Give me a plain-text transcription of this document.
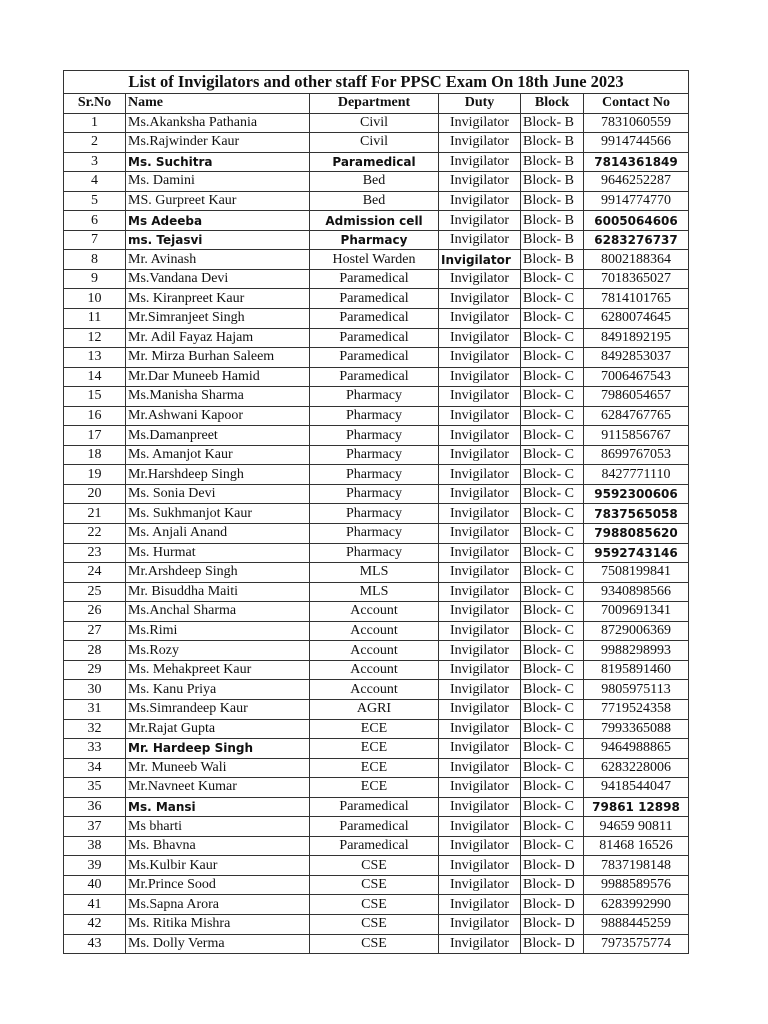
List of Invigilators and other staff For PPSC Exam On 18th June 2023					
Sr.No	Name	Department	Duty	Block	Contact No
1	Ms.Akanksha Pathania	Civil	Invigilator	Block- B	7831060559
2	Ms.Rajwinder Kaur	Civil	Invigilator	Block- B	9914744566
3	Ms. Suchitra	Paramedical	Invigilator	Block- B	7814361849
4	Ms. Damini	Bed	Invigilator	Block- B	9646252287
5	MS. Gurpreet Kaur	Bed	Invigilator	Block- B	9914774770
6	Ms Adeeba	Admission cell	Invigilator	Block- B	6005064606
7	ms. Tejasvi	Pharmacy	Invigilator	Block- B	6283276737
8	Mr. Avinash	Hostel Warden	Invigilator	Block- B	8002188364
9	Ms.Vandana Devi	Paramedical	Invigilator	Block- C	7018365027
10	Ms. Kiranpreet Kaur	Paramedical	Invigilator	Block- C	7814101765
11	Mr.Simranjeet Singh	Paramedical	Invigilator	Block- C	6280074645
12	Mr. Adil Fayaz Hajam	Paramedical	Invigilator	Block- C	8491892195
13	Mr. Mirza Burhan Saleem	Paramedical	Invigilator	Block- C	8492853037
14	Mr.Dar Muneeb Hamid	Paramedical	Invigilator	Block- C	7006467543
15	Ms.Manisha Sharma	Pharmacy	Invigilator	Block- C	7986054657
16	Mr.Ashwani Kapoor	Pharmacy	Invigilator	Block- C	6284767765
17	Ms.Damanpreet	Pharmacy	Invigilator	Block- C	9115856767
18	Ms. Amanjot Kaur	Pharmacy	Invigilator	Block- C	8699767053
19	Mr.Harshdeep Singh	Pharmacy	Invigilator	Block- C	8427771110
20	Ms. Sonia Devi	Pharmacy	Invigilator	Block- C	9592300606
21	Ms. Sukhmanjot Kaur	Pharmacy	Invigilator	Block- C	7837565058
22	Ms. Anjali Anand	Pharmacy	Invigilator	Block- C	7988085620
23	Ms. Hurmat	Pharmacy	Invigilator	Block- C	9592743146
24	Mr.Arshdeep Singh	MLS	Invigilator	Block- C	7508199841
25	Mr. Bisuddha Maiti	MLS	Invigilator	Block- C	9340898566
26	Ms.Anchal Sharma	Account	Invigilator	Block- C	7009691341
27	Ms.Rimi	Account	Invigilator	Block- C	8729006369
28	Ms.Rozy	Account	Invigilator	Block- C	9988298993
29	Ms. Mehakpreet Kaur	Account	Invigilator	Block- C	8195891460
30	Ms. Kanu Priya	Account	Invigilator	Block- C	9805975113
31	Ms.Simrandeep Kaur	AGRI	Invigilator	Block- C	7719524358
32	Mr.Rajat Gupta	ECE	Invigilator	Block- C	7993365088
33	Mr. Hardeep Singh	ECE	Invigilator	Block- C	9464988865
34	Mr. Muneeb Wali	ECE	Invigilator	Block- C	6283228006
35	Mr.Navneet Kumar	ECE	Invigilator	Block- C	9418544047
36	Ms. Mansi	Paramedical	Invigilator	Block- C	79861 12898
37	Ms bharti	Paramedical	Invigilator	Block- C	94659 90811
38	Ms. Bhavna	Paramedical	Invigilator	Block- C	81468 16526
39	Ms.Kulbir Kaur	CSE	Invigilator	Block- D	7837198148
40	Mr.Prince Sood	CSE	Invigilator	Block- D	9988589576
41	Ms.Sapna Arora	CSE	Invigilator	Block- D	6283992990
42	Ms. Ritika Mishra	CSE	Invigilator	Block- D	9888445259
43	Ms. Dolly Verma	CSE	Invigilator	Block- D	7973575774
